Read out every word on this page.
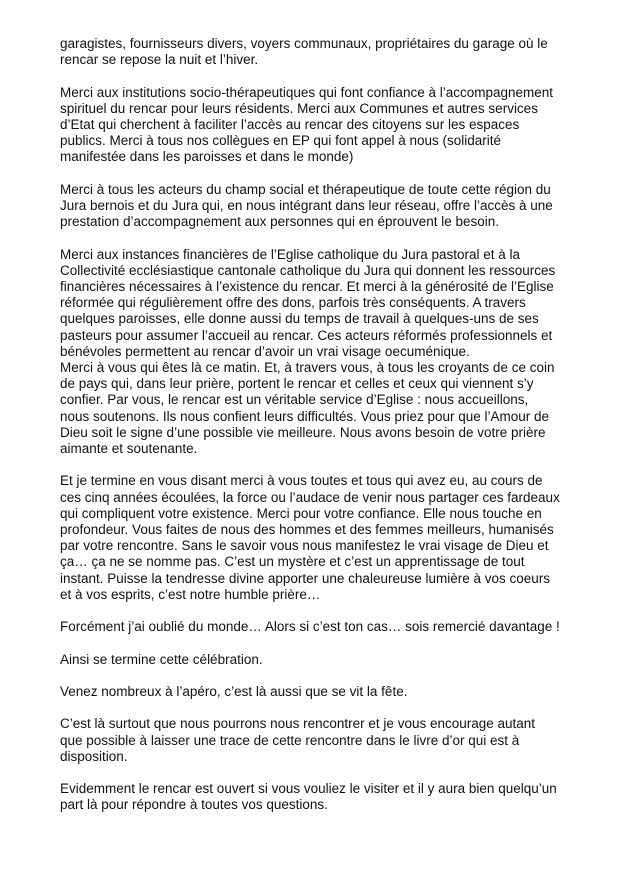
garagistes, fournisseurs divers, voyers communaux, propriétaires du garage où le
rencar se repose la nuit et l’hiver.
Merci aux institutions socio-thérapeutiques qui font confiance à l’accompagnement
spirituel du rencar pour leurs résidents. Merci aux Communes et autres services
d’Etat qui cherchent à faciliter l’accès au rencar des citoyens sur les espaces
publics. Merci à tous nos collègues en EP qui font appel à nous (solidarité
manifestée dans les paroisses et dans le monde)
Merci à tous les acteurs du champ social et thérapeutique de toute cette région du
Jura bernois et du Jura qui, en nous intégrant dans leur réseau, offre l’accès à une
prestation d’accompagnement aux personnes qui en éprouvent le besoin.
Merci aux instances financières de l’Eglise catholique du Jura pastoral et à la
Collectivité ecclésiastique cantonale catholique du Jura qui donnent les ressources
financières nécessaires à l’existence du rencar. Et merci à la générosité de l’Eglise
réformée qui régulièrement offre des dons, parfois très conséquents. A travers
quelques paroisses, elle donne aussi du temps de travail à quelques-uns de ses
pasteurs pour assumer l’accueil au rencar. Ces acteurs réformés professionnels et
bénévoles permettent au rencar d’avoir un vrai visage oecuménique.
Merci à vous qui êtes là ce matin. Et, à travers vous, à tous les croyants de ce coin
de pays qui, dans leur prière, portent le rencar et celles et ceux qui viennent s’y
confier. Par vous, le rencar est un véritable service d’Eglise : nous accueillons,
nous soutenons. Ils nous confient leurs difficultés. Vous priez pour que l’Amour de
Dieu soit le signe d’une possible vie meilleure. Nous avons besoin de votre prière
aimante et soutenante.
Et je termine en vous disant merci à vous toutes et tous qui avez eu, au cours de
ces cinq années écoulées, la force ou l’audace de venir nous partager ces fardeaux
qui compliquent votre existence. Merci pour votre confiance. Elle nous touche en
profondeur. Vous faites de nous des hommes et des femmes meilleurs, humanisés
par votre rencontre. Sans le savoir vous nous manifestez le vrai visage de Dieu et
ça… ça ne se nomme pas. C’est un mystère et c’est un apprentissage de tout
instant. Puisse la tendresse divine apporter une chaleureuse lumière à vos coeurs
et à vos esprits, c’est notre humble prière…
Forcément j’ai oublié du monde… Alors si c’est ton cas… sois remercié davantage !
Ainsi se termine cette célébration.
Venez nombreux à l’apéro, c’est là aussi que se vit la fête.
C’est là surtout que nous pourrons nous rencontrer et je vous encourage autant
que possible à laisser une trace de cette rencontre dans le livre d’or qui est à
disposition.
Evidemment le rencar est ouvert si vous vouliez le visiter et il y aura bien quelqu’un
part là pour répondre à toutes vos questions.
